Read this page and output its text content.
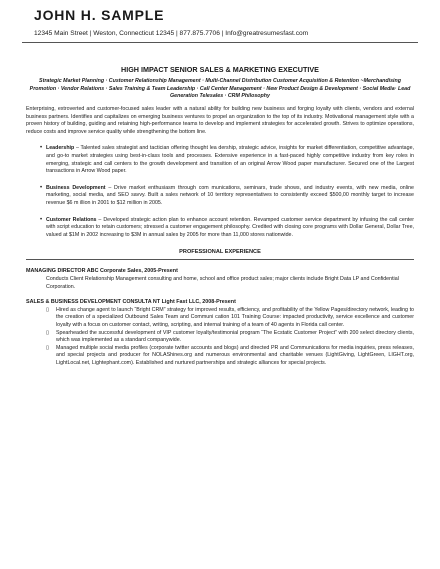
JOHN H. SAMPLE
12345 Main Street | Weston, Connecticut 12345 | 877.875.7706 | Info@greatresumesfast.com
HIGH IMPACT SENIOR SALES & MARKETING EXECUTIVE
Strategic Market Planning · Customer Relationship Management · Multi-Channel Distribution Customer Acquisition & Retention ~Merchandising Promotion · Vendor Relations · Sales Training & Team Leadership · Call Center Management · New Product Design & Development · Social Media· Lead Generation Telesales · CRM Philosophy
Enterprising, extroverted and customer-focused sales leader with a natural ability for building new business and forging loyalty with clients, vendors and external business partners. Identifies and capitalizes on emerging business ventures to propel an organization to the top of its industry. Motivational management style with a proven history of building, guiding and retaining high-performance teams to develop and implement strategies for accelerated growth. Strives to optimize operations, reduce costs and improve service quality while strengthening the bottom line.
• Leadership – Talented sales strategist and tactician offering thought lea dership, strategic advice, insights for market differentiation, competitive advantage, and go-to market strategies using best-in-class tools and processes. Extensive experience in a fast-paced highly competitive industry from key roles in emerging, strategic and call centers to the growth development and transition of an original Arrow Wood paper manufacturer. Secured one of the Largest transactions in Arrow Wood paper.
• Business Development – Drive market enthusiasm through com munications, seminars, trade shows, and industry events, with new media, online marketing, social media, and SEO savvy. Built a sales network of 10 territory representatives to consistently exceed $500,00 monthly target to increase revenue $6 m illion in 2001 to $12 million in 2005.
• Customer Relations – Developed strategic action plan to enhance account retention. Revamped customer service department by infusing the call center with script education to retain customers; stressed a customer engagement philosophy. Credited with closing core programs with Dollar General, Dollar Tree, valued at $1M in 2002 increasing to $3M in annual sales by 2005 for more than 11,000 stores nationwide.
PROFESSIONAL EXPERIENCE
MANAGING DIRECTOR ABC Corporate Sales, 2005-Present
Conducts Client Relationship Management consulting and home, school and office product sales; major clients include Bright Data LP and Confidential Corporation.
SALES & BUSINESS DEVELOPMENT CONSULTA NT Light Fast LLC, 2008-Present
▯ Hired as change agent to launch “Bright CRM” strategy for improved results, efficiency, and profitability of the Yellow Pages/directory network, leading to the creation of a specialized Outbound Sales Team and Communi cation 101 Training Course: impacted productivity, service excellence and customer loyalty with a focus on customer contact, writing, scripting, and internal training of a team of 40 agents in Florida call center.
▯ Spearheaded the successful development of VIP customer loyalty/testimonial program “The Ecstatic Customer Project” with 200 select directory clients, which was implemented as a standard companywide.
▯ Managed multiple social media profiles (corporate twitter accounts and blogs) and directed PR and Communications for media inquiries, press releases, and special projects and producer for NOLAShines.org and numerous environmental and charitable venues (LightGiving, LightGreen, LIGHT.org, LightLocal.net, Lightephant.com). Established and nurtured partnerships and strategic alliances for special projects.
